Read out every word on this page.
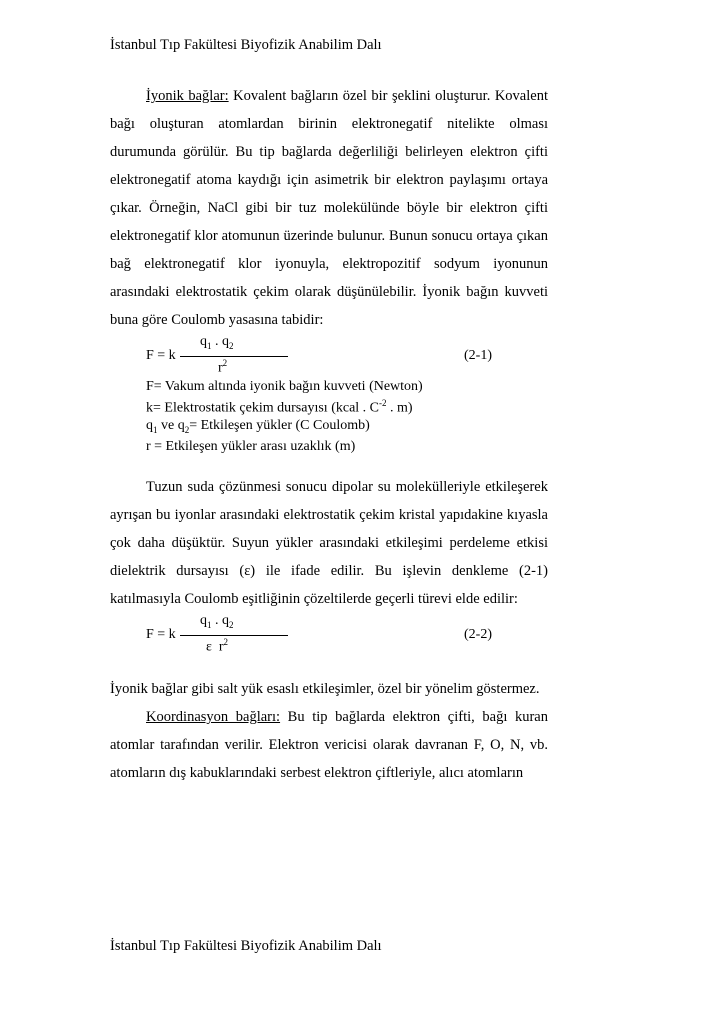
İstanbul Tıp Fakültesi Biyofizik Anabilim Dalı

İyonik bağlar: Kovalent bağların özel bir şeklini oluşturur. Kovalent bağı oluşturan atomlardan birinin elektronegatif nitelikte olması durumunda görülür. Bu tip bağlarda değerliliği belirleyen elektron çifti elektronegatif atoma kaydığı için asimetrik bir elektron paylaşımı ortaya çıkar. Örneğin, NaCl gibi bir tuz molekülünde böyle bir elektron çifti elektronegatif klor atomunun üzerinde bulunur. Bunun sonucu ortaya çıkan bağ elektronegatif klor iyonuyla, elektropozitif sodyum iyonunun arasındaki elektrostatik çekim olarak düşünülebilir. İyonik bağın kuvveti buna göre Coulomb yasasına tabidir:

$q_1$ . $q_2$
F = k
$r^2$	(2-1)
F= Vakum altında iyonik bağın kuvveti (Newton)
k= Elektrostatik çekim dursayısı (kcal . $C^{-2}$ . m)
$q_1$ ve $q_2=$ Etkileşen yükler (C Coulomb)
r = Etkileşen yükler arası uzaklık (m)

Tuzun suda çözünmesi sonucu dipolar su molekülleriyle etkileşerek ayrışan bu iyonlar arasındaki elektrostatik çekim kristal yapıdakine kıyasla çok daha düşüktür. Suyun yükler arasındaki etkileşimi perdeleme etkisi dielektrik dursayısı (ε) ile ifade edilir. Bu işlevin denkleme (2-1) katılmasıyla Coulomb eşitliğinin çözeltilerde geçerli türevi elde edilir:

$q_1$ . $q_2$
F = k
ε  $r^2$	(2-2)

İyonik bağlar gibi salt yük esaslı etkileşimler, özel bir yönelim göstermez.

Koordinasyon bağları: Bu tip bağlarda elektron çifti, bağı kuran atomlar tarafından verilir. Elektron vericisi olarak davranan F, O, N, vb. atomların dış kabuklarındaki serbest elektron çiftleriyle, alıcı atomların

İstanbul Tıp Fakültesi Biyofizik Anabilim Dalı
